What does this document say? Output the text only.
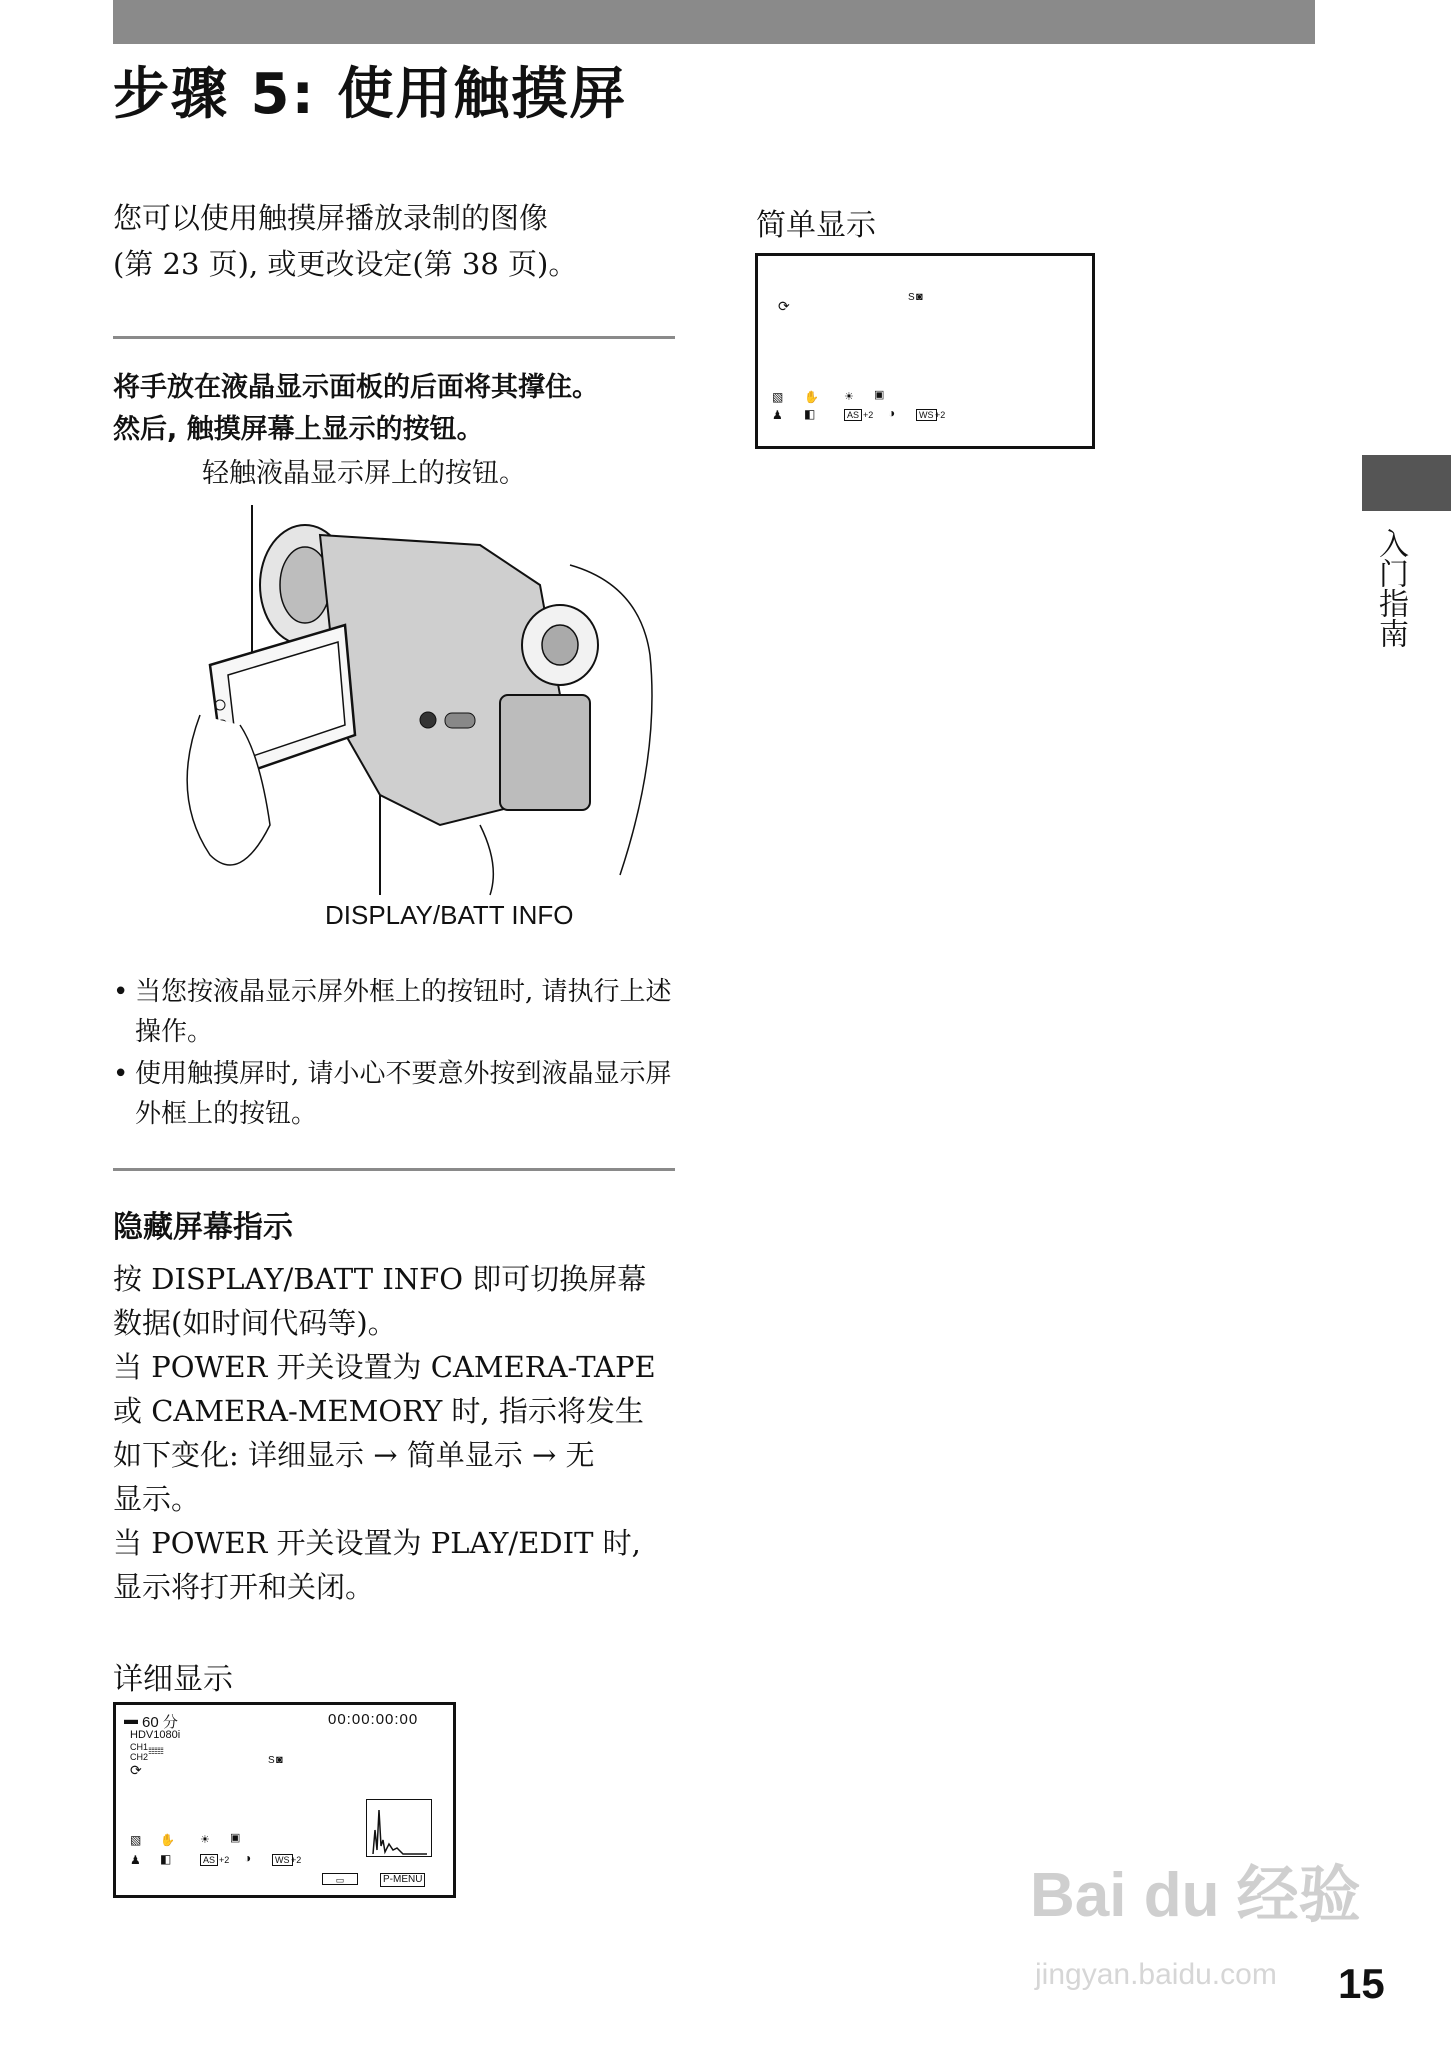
步骤 5: 使用触摸屏
您可以使用触摸屏播放录制的图像
(第 23 页), 或更改设定(第 38 页)。
将手放在液晶显示面板的后面将其撑住。
然后, 触摸屏幕上显示的按钮。
轻触液晶显示屏上的按钮。
DISPLAY/BATT INFO
• 当您按液晶显示屏外框上的按钮时, 请执行上述操作。
• 使用触摸屏时, 请小心不要意外按到液晶显示屏外框上的按钮。
隐藏屏幕指示
按 DISPLAY/BATT INFO 即可切换屏幕
数据(如时间代码等)。
当 POWER 开关设置为 CAMERA-TAPE
或 CAMERA-MEMORY 时, 指示将发生
如下变化: 详细显示 → 简单显示 → 无
显示。
当 POWER 开关设置为 PLAY/EDIT 时,
显示将打开和关闭。
详细显示
▬ 60 分	00:00:00:00
HDV1080i
CH1
CH2
⁞⁞⁞⁞⁞⁞⁞⁞⁞⁞
⟳
S ◙
▧ ✋ ☀ ▣
♟ ◧	AS +2 ◑	WS +2
▭	P-MENU
简单显示
⟳
S ◙
▧ ✋ ☀ ▣
♟ ◧	AS +2 ◑	WS +2
入门指南
Bai du 经验
jingyan.baidu.com 15
